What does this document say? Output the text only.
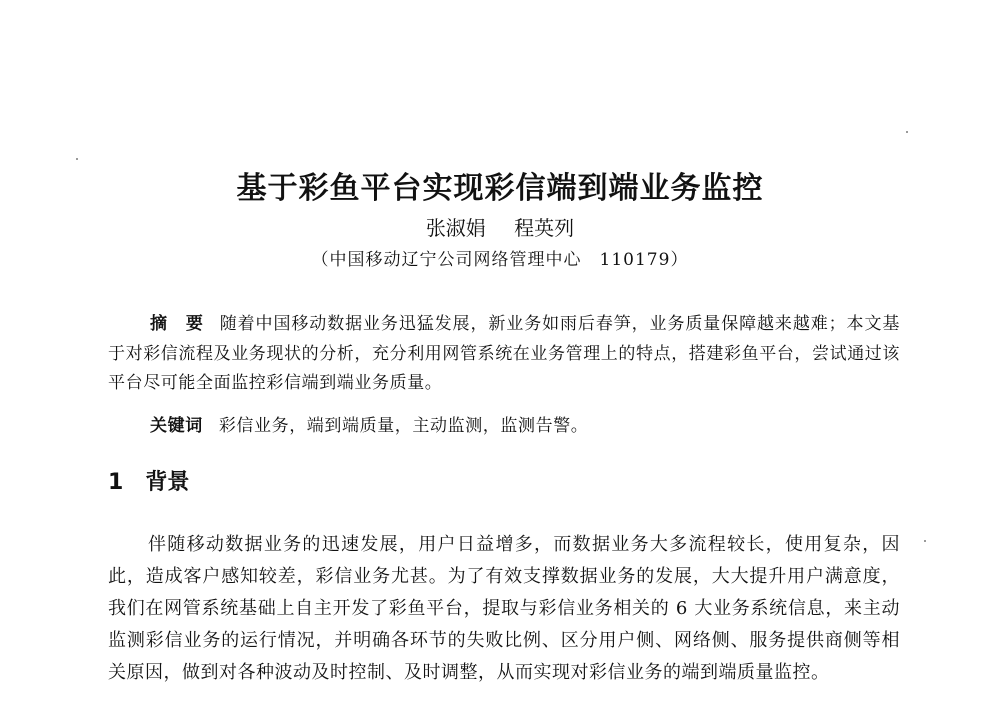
基于彩鱼平台实现彩信端到端业务监控
张淑娟 程英列
（中国移动辽宁公司网络管理中心　110179）

摘　要 随着中国移动数据业务迅猛发展，新业务如雨后春笋，业务质量保障越来越难；本文基于对彩信流程及业务现状的分析，充分利用网管系统在业务管理上的特点，搭建彩鱼平台，尝试通过该平台尽可能全面监控彩信端到端业务质量。

关键词 彩信业务，端到端质量，主动监测，监测告警。

1 背景

伴随移动数据业务的迅速发展，用户日益增多，而数据业务大多流程较长，使用复杂，因此，造成客户感知较差，彩信业务尤甚。为了有效支撑数据业务的发展，大大提升用户满意度，我们在网管系统基础上自主开发了彩鱼平台，提取与彩信业务相关的 6 大业务系统信息，来主动监测彩信业务的运行情况，并明确各环节的失败比例、区分用户侧、网络侧、服务提供商侧等相关原因，做到对各种波动及时控制、及时调整，从而实现对彩信业务的端到端质量监控。
